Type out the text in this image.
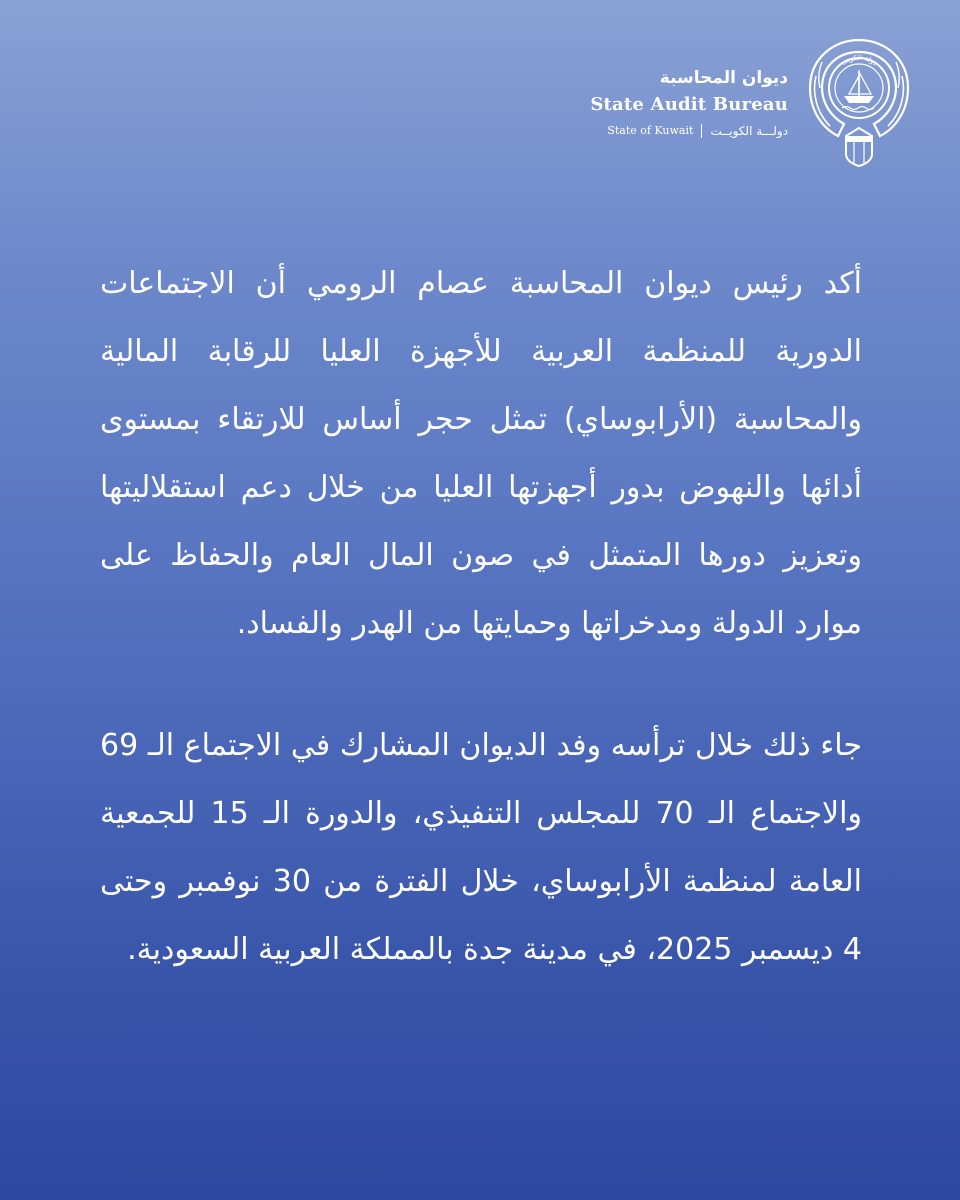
دولة الكويت
ديوان المحاسبة
State Audit Bureau
State of Kuwait دولـــة الكويــت

أكد رئيس ديوان المحاسبة عصام الرومي أن الاجتماعات الدورية للمنظمة العربية للأجهزة العليا للرقابة المالية والمحاسبة (الأرابوساي) تمثل حجر أساس للارتقاء بمستوى أدائها والنهوض بدور أجهزتها العليا من خلال دعم استقلاليتها وتعزيز دورها المتمثل في صون المال العام والحفاظ على موارد الدولة ومدخراتها وحمايتها من الهدر والفساد.

جاء ذلك خلال ترأسه وفد الديوان المشارك في الاجتماع الـ 69 والاجتماع الـ 70 للمجلس التنفيذي، والدورة الـ 15 للجمعية العامة لمنظمة الأرابوساي، خلال الفترة من 30 نوفمبر وحتى 4 ديسمبر 2025، في مدينة جدة بالمملكة العربية السعودية.
